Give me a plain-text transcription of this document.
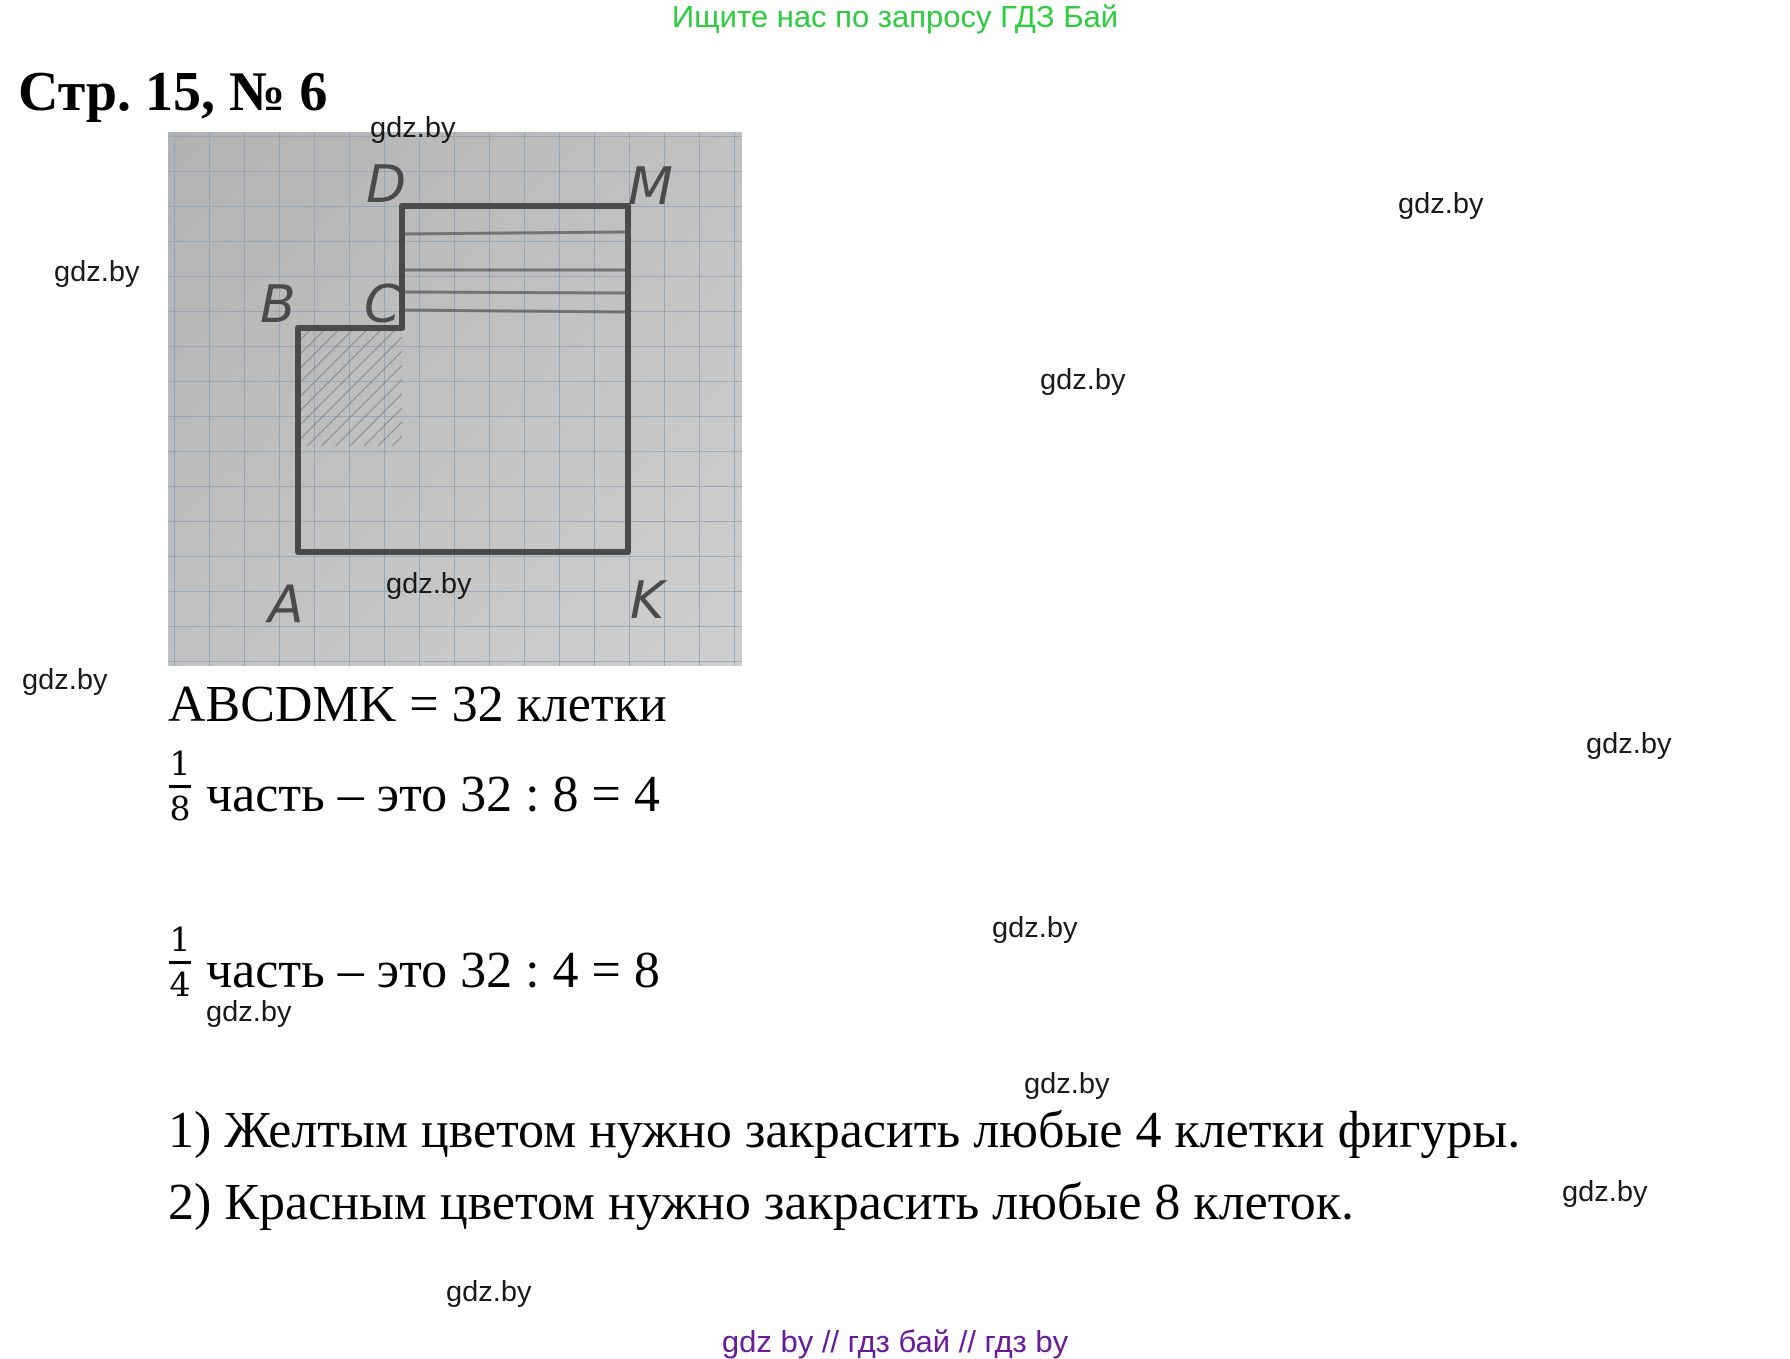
Ищите нас по запросу ГДЗ Бай
Стр. 15, № 6
D	M
B C
A	K
ABCDMK = 32 клетки
1
8 часть – это 32 : 8 = 4
1
4 часть – это 32 : 4 = 8
1) Желтым цветом нужно закрасить любые 4 клетки фигуры.
2) Красным цветом нужно закрасить любые 8 клеток.
gdz.by
gdz.by
gdz.by
gdz.by
gdz.by
gdz.by
gdz.by
gdz.by
gdz.by
gdz.by
gdz.by
gdz.by
gdz by // гдз бай // гдз by
